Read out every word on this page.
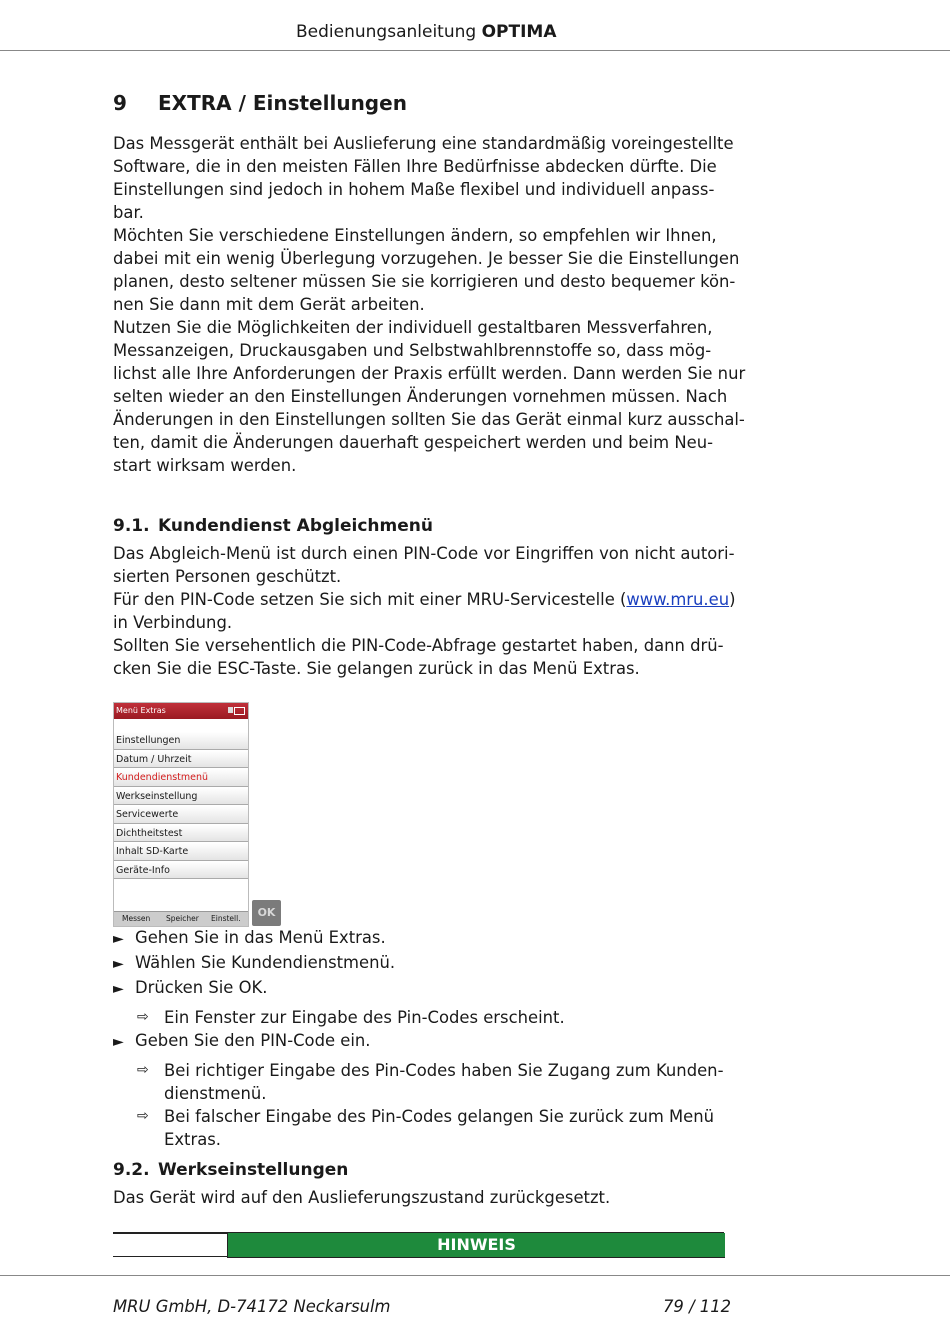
Bedienungsanleitung OPTIMA
9 EXTRA / Einstellungen

Das Messgerät enthält bei Auslieferung eine standardmäßig voreingestellte

Software, die in den meisten Fällen Ihre Bedürfnisse abdecken dürfte. Die

Einstellungen sind jedoch in hohem Maße flexibel und individuell anpass-

bar.

Möchten Sie verschiedene Einstellungen ändern, so empfehlen wir Ihnen,

dabei mit ein wenig Überlegung vorzugehen. Je besser Sie die Einstellungen

planen, desto seltener müssen Sie sie korrigieren und desto bequemer kön-

nen Sie dann mit dem Gerät arbeiten.

Nutzen Sie die Möglichkeiten der individuell gestaltbaren Messverfahren,

Messanzeigen, Druckausgaben und Selbstwahlbrennstoffe so, dass mög-

lichst alle Ihre Anforderungen der Praxis erfüllt werden. Dann werden Sie nur

selten wieder an den Einstellungen Änderungen vornehmen müssen. Nach

Änderungen in den Einstellungen sollten Sie das Gerät einmal kurz ausschal-

ten, damit die Änderungen dauerhaft gespeichert werden und beim Neu-

start wirksam werden.

9.1. Kundendienst Abgleichmenü

Das Abgleich-Menü ist durch einen PIN-Code vor Eingriffen von nicht autori-

sierten Personen geschützt.

Für den PIN-Code setzen Sie sich mit einer MRU-Servicestelle (www.mru.eu)

in Verbindung.

Sollten Sie versehentlich die PIN-Code-Abfrage gestartet haben, dann drü-

cken Sie die ESC-Taste. Sie gelangen zurück in das Menü Extras.

Menü Extras
Einstellungen
Datum / Uhrzeit
Kundendienstmenü
Werkseinstellung
Servicewerte
Dichtheitstest
Inhalt SD-Karte
Geräte-Info
Messen Speicher Einstell.	OK
► Gehen Sie in das Menü Extras.
► Wählen Sie Kundendienstmenü.
► Drücken Sie OK.
⇨ Ein Fenster zur Eingabe des Pin-Codes erscheint.
► Geben Sie den PIN-Code ein.
⇨ Bei richtiger Eingabe des Pin-Codes haben Sie Zugang zum Kunden-
dienstmenü.
⇨ Bei falscher Eingabe des Pin-Codes gelangen Sie zurück zum Menü
Extras.
9.2. Werkseinstellungen

Das Gerät wird auf den Auslieferungszustand zurückgesetzt.

HINWEIS
MRU GmbH, D-74172 Neckarsulm	79 / 112
